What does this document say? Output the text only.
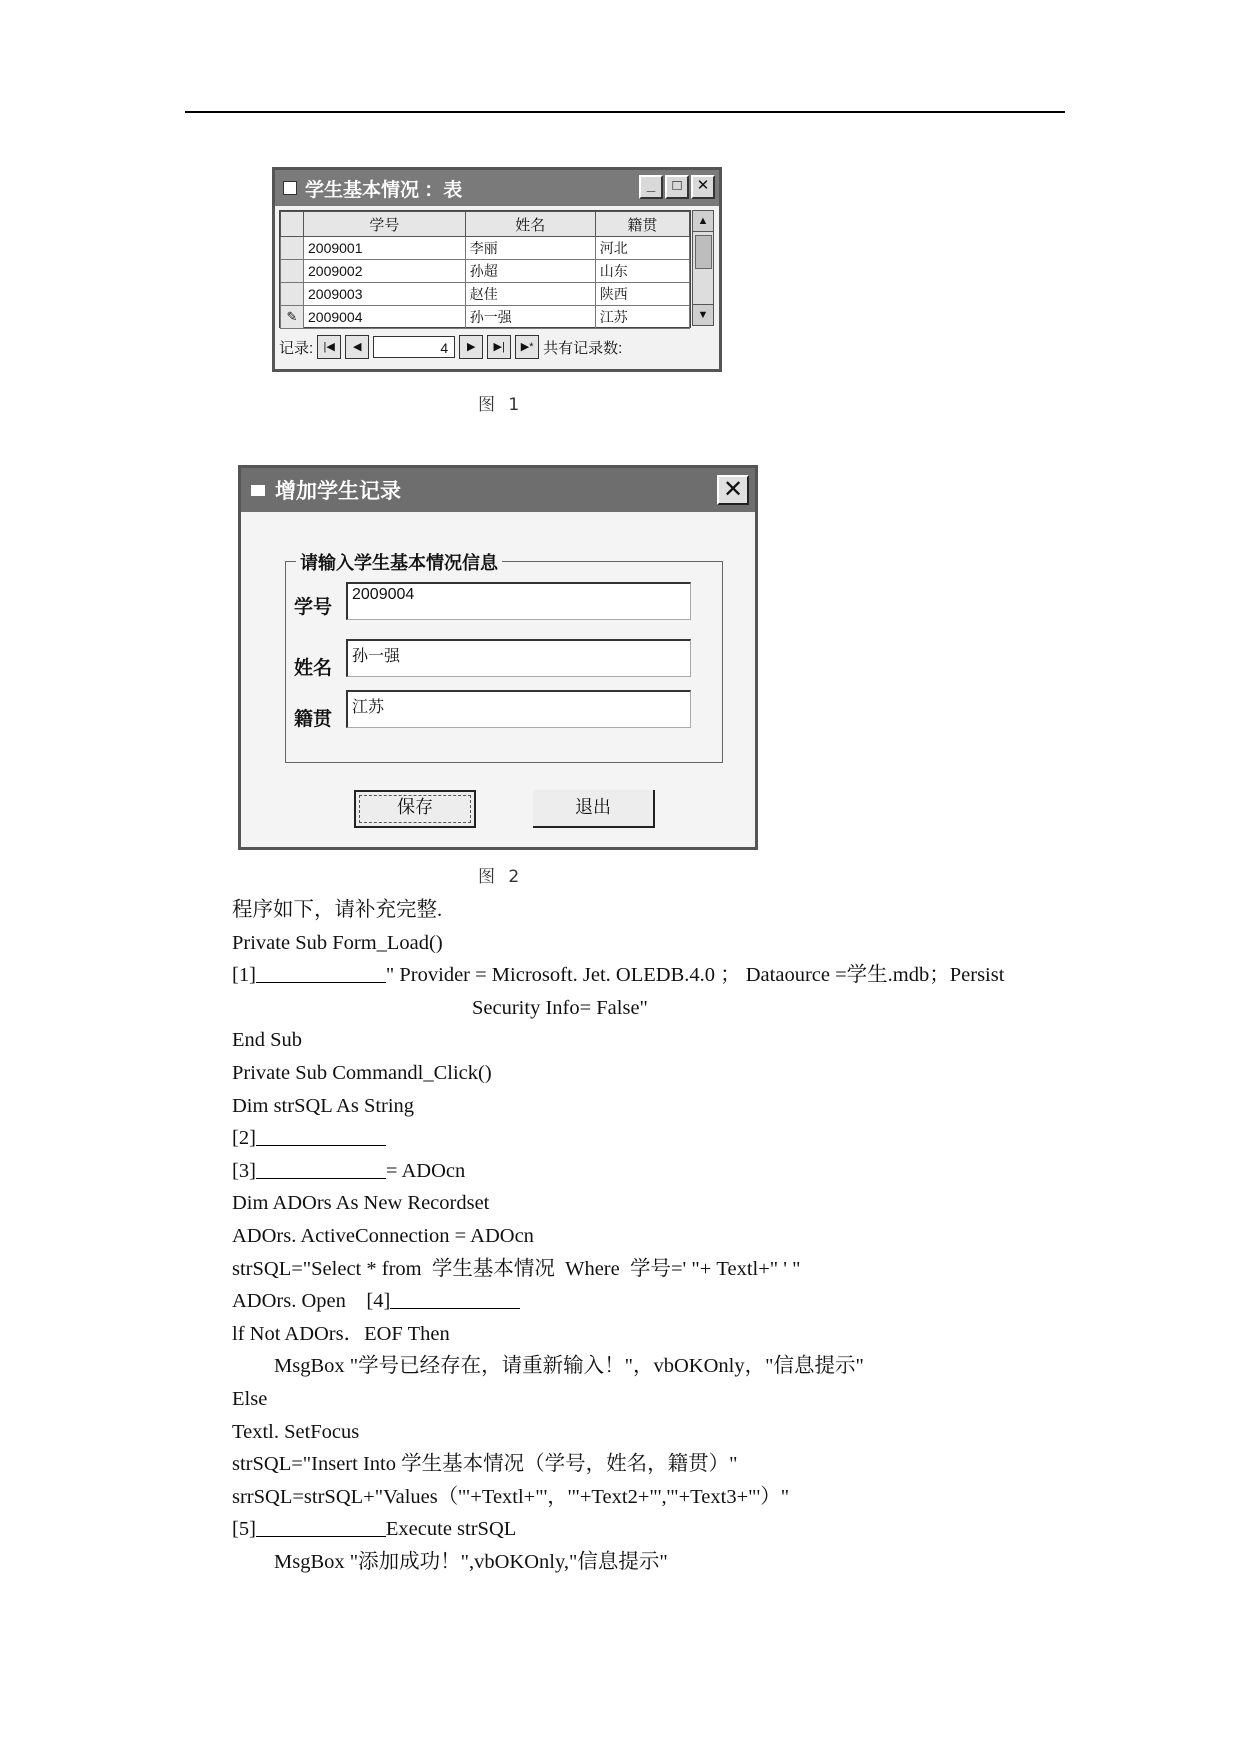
学生基本情况 ：表	_	□	✕
	学号	姓名	籍贯
	2009001	李丽	河北
	2009002	孙超	山东
	2009003	赵佳	陕西
✎	2009004	孙一强	江苏
▲
▼
记录: |◀	◀	4	▶	▶|	▶* 共有记录数:
图 1
增加学生记录	✕
请输入学生基本情况信息
学号
2009004
姓名
孙一强
籍贯
江苏
保存	退出
图 2
程序如下，请补充完整.
Private Sub Form_Load()
[1]	" Provider = Microsoft. Jet. OLEDB.4.0 ； Dataource =学生.mdb；Persist
Security Info= False"
End Sub
Private Sub Commandl_Click()
Dim strSQL As String
[2]
[3]	= ADOcn
Dim ADOrs As New Recordset
ADOrs. ActiveConnection = ADOcn
strSQL="Select * from  学生基本情况  Where  学号=' "+ Textl+" ' "
ADOrs. Open    [4]
lf Not ADOrs．EOF Then
MsgBox "学号已经存在，请重新输入！"，vbOKOnly，"信息提示"
Else
Textl. SetFocus
strSQL="Insert Into 学生基本情况（学号，姓名，籍贯）"
srrSQL=strSQL+"Values（'"+Textl+"'，'"+Text2+"','"+Text3+"'）"
[5]	Execute strSQL
MsgBox "添加成功！",vbOKOnly,"信息提示"
